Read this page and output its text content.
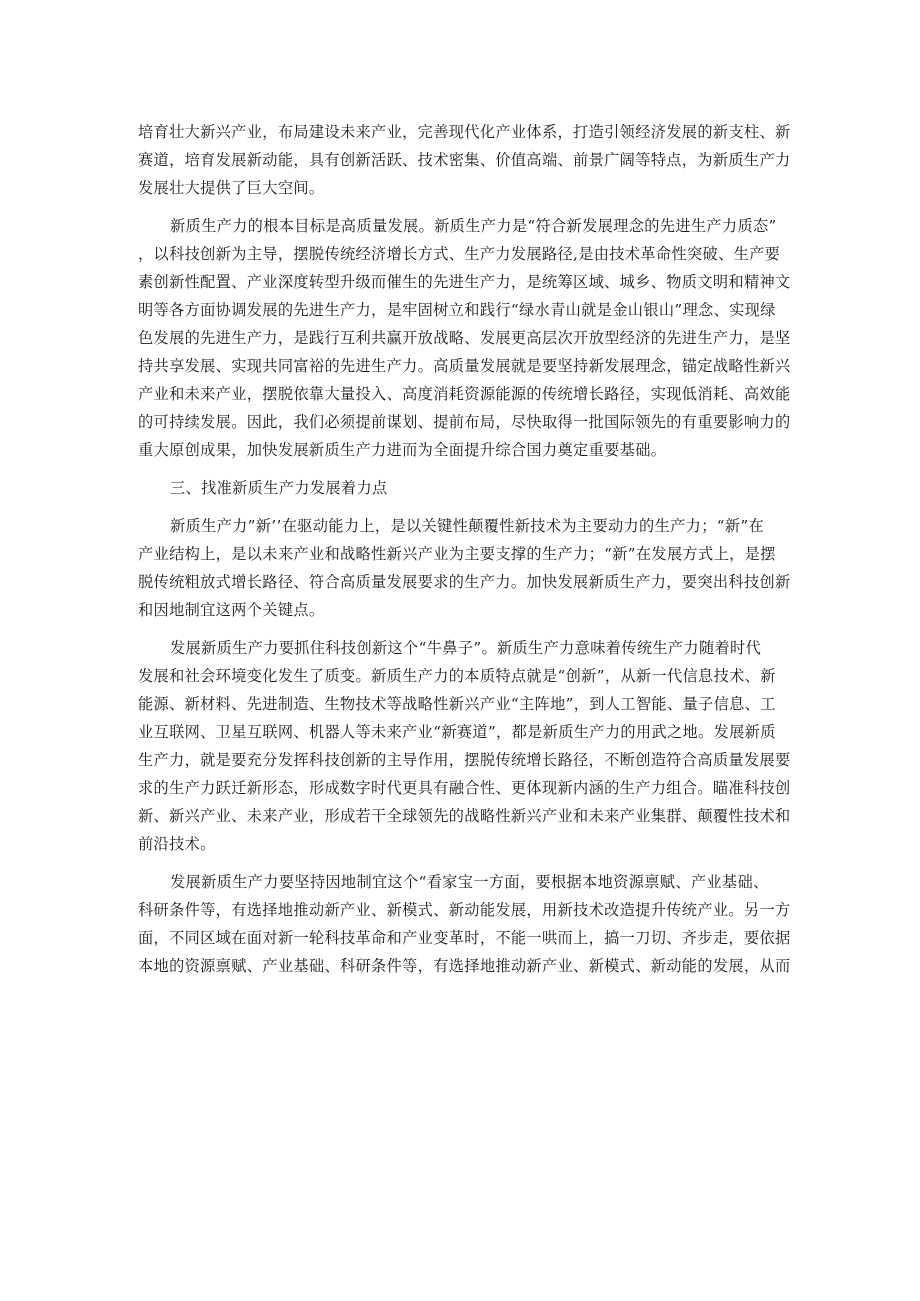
培育壮大新兴产业，布局建设未来产业，完善现代化产业体系，打造引领经济发展的新支柱、新
赛道，培育发展新动能，具有创新活跃、技术密集、价值高端、前景广阔等特点，为新质生产力
发展壮大提供了巨大空间。
新质生产力的根本目标是高质量发展。新质生产力是“符合新发展理念的先进生产力质态”
，以科技创新为主导，摆脱传统经济增长方式、生产力发展路径,是由技术革命性突破、生产要
素创新性配置、产业深度转型升级而催生的先进生产力，是统筹区域、城乡、物质文明和精神文
明等各方面协调发展的先进生产力，是牢固树立和践行“绿水青山就是金山银山”理念、实现绿
色发展的先进生产力，是践行互利共赢开放战略、发展更高层次开放型经济的先进生产力，是坚
持共享发展、实现共同富裕的先进生产力。高质量发展就是要坚持新发展理念，锚定战略性新兴
产业和未来产业，摆脱依靠大量投入、高度消耗资源能源的传统增长路径，实现低消耗、高效能
的可持续发展。因此，我们必须提前谋划、提前布局，尽快取得一批国际领先的有重要影响力的
重大原创成果，加快发展新质生产力进而为全面提升综合国力奠定重要基础。
三、找准新质生产力发展着力点
新质生产力”新’’在驱动能力上，是以关键性颠覆性新技术为主要动力的生产力；“新”在
产业结构上，是以未来产业和战略性新兴产业为主要支撑的生产力；“新”在发展方式上，是摆
脱传统粗放式增长路径、符合高质量发展要求的生产力。加快发展新质生产力，要突出科技创新
和因地制宜这两个关键点。
发展新质生产力要抓住科技创新这个“牛鼻子”。新质生产力意味着传统生产力随着时代
发展和社会环境变化发生了质变。新质生产力的本质特点就是“创新”，从新一代信息技术、新
能源、新材料、先进制造、生物技术等战略性新兴产业“主阵地”，到人工智能、量子信息、工
业互联网、卫星互联网、机器人等未来产业“新赛道”，都是新质生产力的用武之地。发展新质
生产力，就是要充分发挥科技创新的主导作用，摆脱传统增长路径，不断创造符合高质量发展要
求的生产力跃迁新形态，形成数字时代更具有融合性、更体现新内涵的生产力组合。瞄准科技创
新、新兴产业、未来产业，形成若干全球领先的战略性新兴产业和未来产业集群、颠覆性技术和
前沿技术。
发展新质生产力要坚持因地制宜这个“看家宝一方面，要根据本地资源禀赋、产业基础、
科研条件等，有选择地推动新产业、新模式、新动能发展，用新技术改造提升传统产业。另一方
面，不同区域在面对新一轮科技革命和产业变革时，不能一哄而上，搞一刀切、齐步走，要依据
本地的资源禀赋、产业基础、科研条件等，有选择地推动新产业、新模式、新动能的发展，从而
